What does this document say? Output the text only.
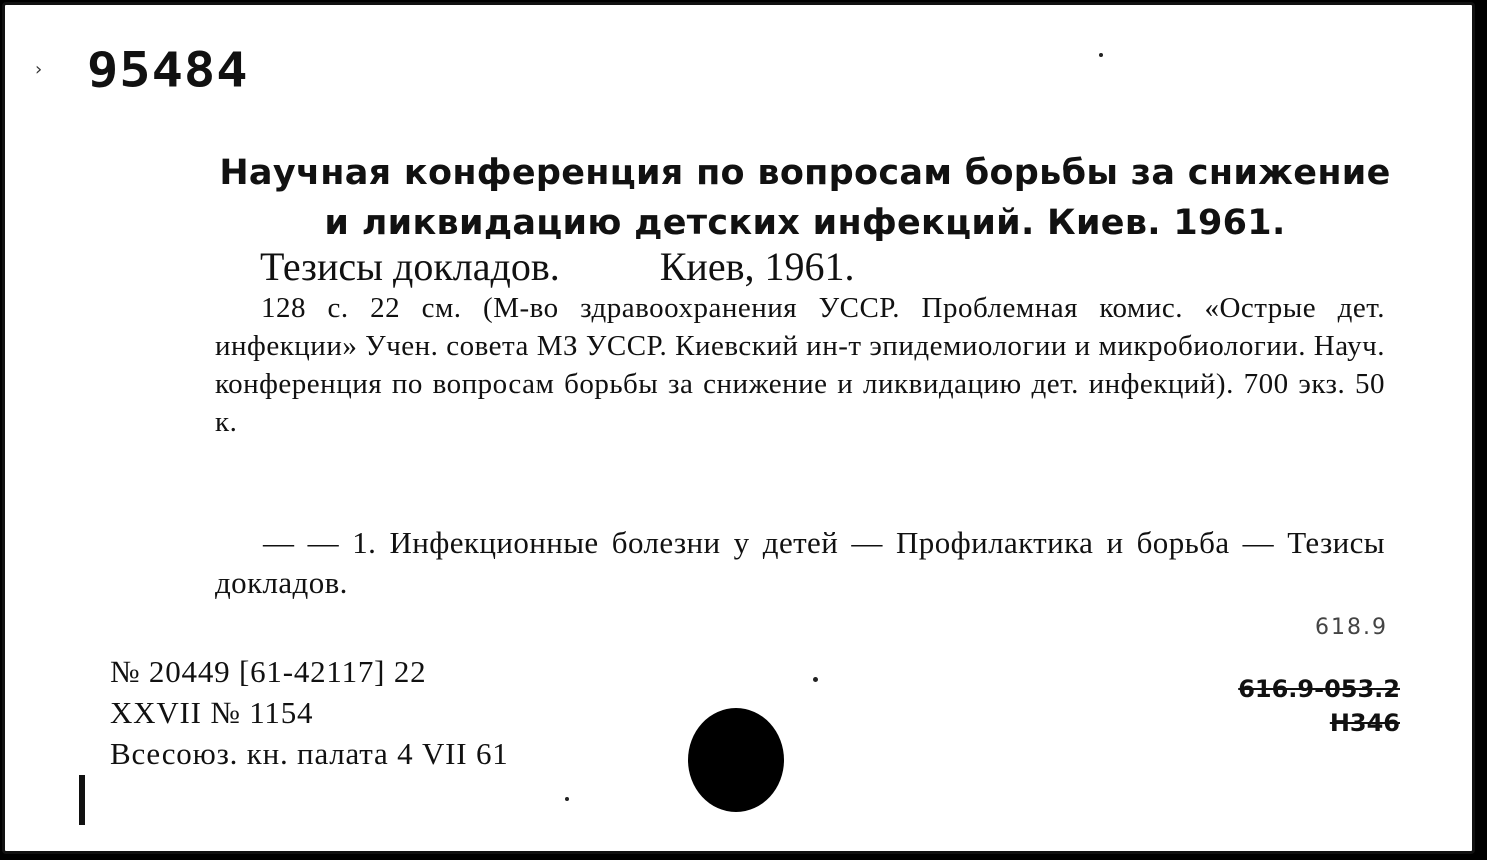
› 95484
Научная конференция по вопросам борьбы за снижение и ликвидацию детских инфекций. Киев. 1961.
Тезисы докладов.	Киев, 1961.
128 с. 22 см. (М-во здравоохранения УССР. Проблемная комис. «Острые дет. инфекции» Учен. совета МЗ УССР. Киевский ин-т эпидемиологии и микробиологии. Науч. конференция по вопросам борьбы за снижение и ликвидацию дет. инфекций). 700 экз. 50 к.
— — 1. Инфекционные болезни у детей — Профилактика и борьба — Тезисы докладов.
№ 20449 [61-42117] 22
XXVII № 1154
Всесоюз. кн. палата 4 VII 61
618.9
616.9-053.2
Н346
